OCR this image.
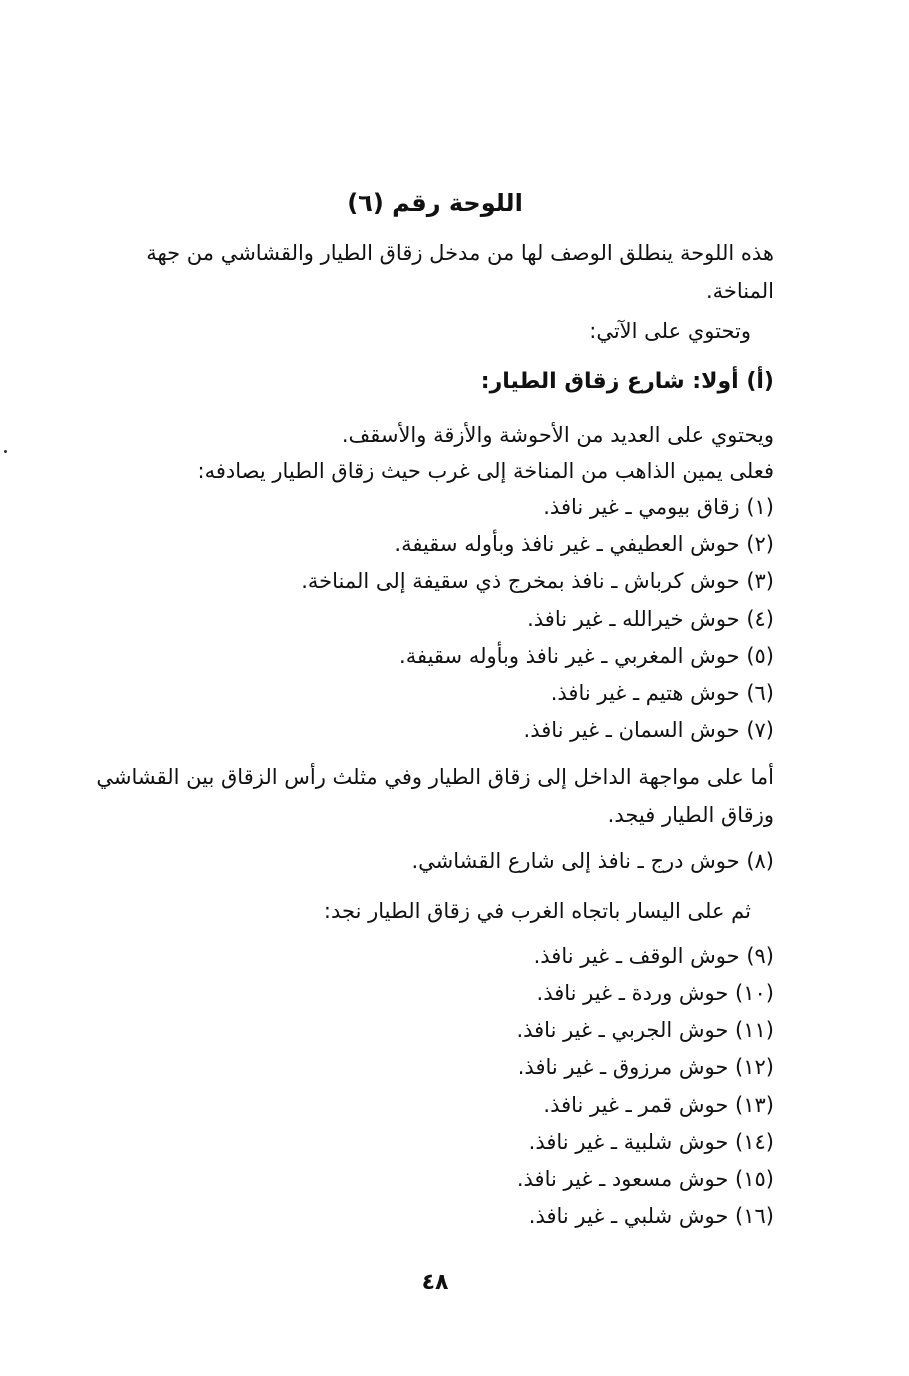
اللوحة رقم (٦)
هذه اللوحة ينطلق الوصف لها من مدخل زقاق الطيار والقشاشي من جهة
المناخة.
وتحتوي على الآتي:
(أ) أولا: شارع زقاق الطيار:
ويحتوي على العديد من الأحوشة والأزقة والأسقف.
فعلى يمين الذاهب من المناخة إلى غرب حيث زقاق الطيار يصادفه:
(١) زقاق بيومي ـ غير نافذ.
(٢) حوش العطيفي ـ غير نافذ وبأوله سقيفة.
(٣) حوش كرباش ـ نافذ بمخرج ذي سقيفة إلى المناخة.
(٤) حوش خيرالله ـ غير نافذ.
(٥) حوش المغربي ـ غير نافذ وبأوله سقيفة.
(٦) حوش هتيم ـ غير نافذ.
(٧) حوش السمان ـ غير نافذ.
أما على مواجهة الداخل إلى زقاق الطيار وفي مثلث رأس الزقاق بين القشاشي
وزقاق الطيار فيجد.
(٨) حوش درج ـ نافذ إلى شارع القشاشي.
ثم على اليسار باتجاه الغرب في زقاق الطيار نجد:
(٩) حوش الوقف ـ غير نافذ.
(١٠) حوش وردة ـ غير نافذ.
(١١) حوش الجربي ـ غير نافذ.
(١٢) حوش مرزوق ـ غير نافذ.
(١٣) حوش قمر ـ غير نافذ.
(١٤) حوش شلبية ـ غير نافذ.
(١٥) حوش مسعود ـ غير نافذ.
(١٦) حوش شلبي ـ غير نافذ.
٤٨
